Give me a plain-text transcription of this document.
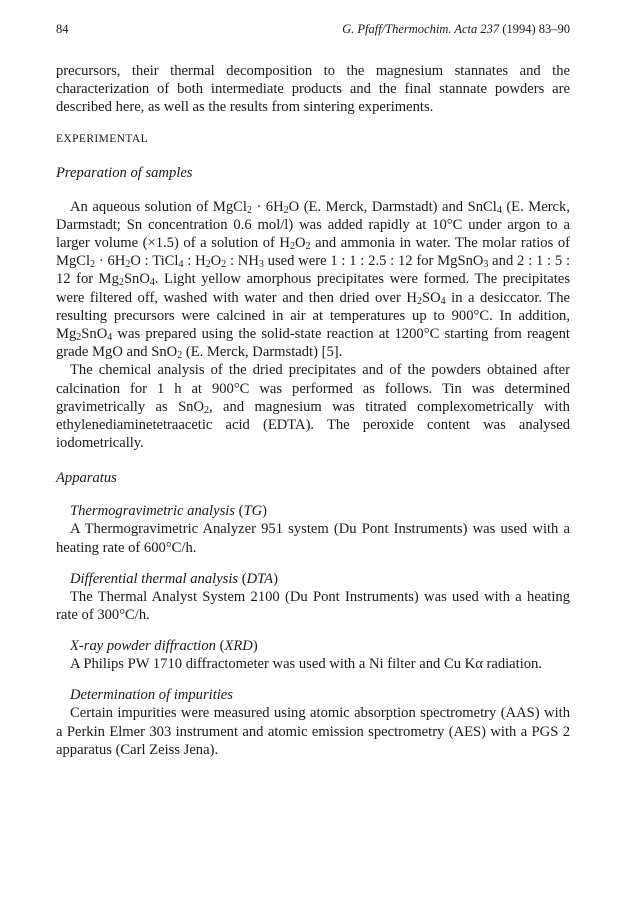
84	G. Pfaff/Thermochim. Acta 237 (1994) 83–90

precursors, their thermal decomposition to the magnesium stannates and the characterization of both intermediate products and the final stannate powders are described here, as well as the results from sintering experiments.

EXPERIMENTAL
Preparation of samples

An aqueous solution of MgCl$_2$ · $6H_2O$ (E. Merck, Darmstadt) and SnCl$_4$ (E. Merck, Darmstadt; Sn concentration 0.6 mol/l) was added rapidly at 10°C under argon to a larger volume (×1.5) of a solution of $H_2O_2$ and ammonia in water. The molar ratios of MgCl$_2$ · $6H_2O$ : TiCl$_4$ : $H_2O_2$ : $NH_3$ used were 1 : 1 : 2.5 : 12 for MgSnO$_3$ and 2 : 1 : 5 : 12 for $Mg_2SnO_4$. Light yellow amorphous precipitates were formed. The precipitates were filtered off, washed with water and then dried over $H_2SO_4$ in a desiccator. The resulting precursors were calcined in air at temperatures up to 900°C. In addition, $Mg_2SnO_4$ was prepared using the solid-state reaction at 1200°C starting from reagent grade MgO and SnO$_2$ (E. Merck, Darmstadt) [5].

The chemical analysis of the dried precipitates and of the powders obtained after calcination for 1 h at 900°C was performed as follows. Tin was determined gravimetrically as SnO$_2$, and magnesium was titrated complexometrically with ethylenediaminetetraacetic acid (EDTA). The peroxide content was analysed iodometrically.

Apparatus
Thermogravimetric analysis (TG)

A Thermogravimetric Analyzer 951 system (Du Pont Instruments) was used with a heating rate of 600°C/h.

Differential thermal analysis (DTA)

The Thermal Analyst System 2100 (Du Pont Instruments) was used with a heating rate of 300°C/h.

X-ray powder diffraction (XRD)

A Philips PW 1710 diffractometer was used with a Ni filter and Cu Kα radiation.

Determination of impurities

Certain impurities were measured using atomic absorption spectrometry (AAS) with a Perkin Elmer 303 instrument and atomic emission spectrometry (AES) with a PGS 2 apparatus (Carl Zeiss Jena).
